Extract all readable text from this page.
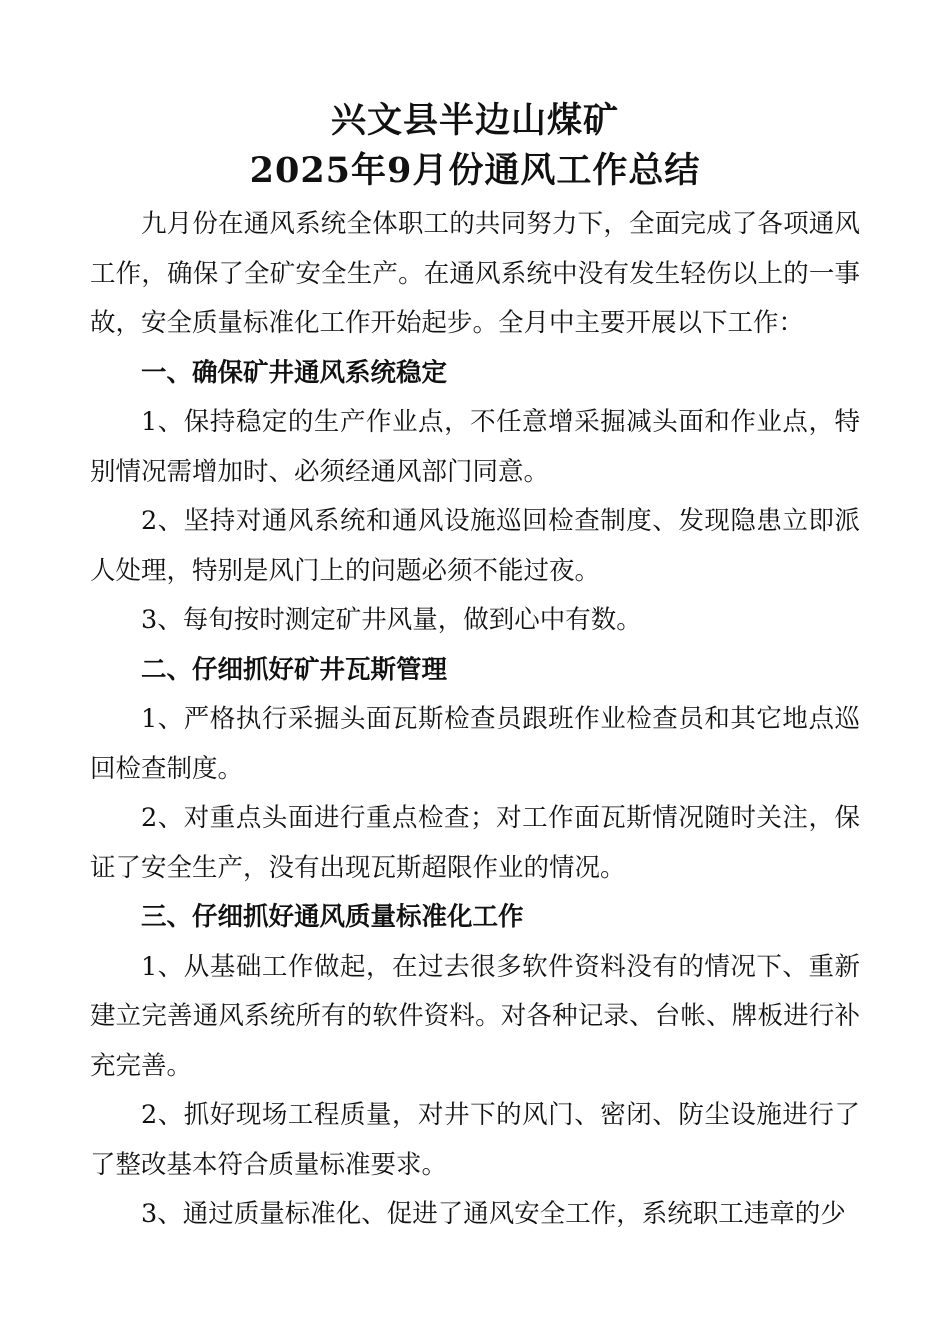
兴文县半边山煤矿
2025年9月份通风工作总结

九月份在通风系统全体职工的共同努力下，全面完成了各项通风工作，确保了全矿安全生产。在通风系统中没有发生轻伤以上的一事故，安全质量标准化工作开始起步。全月中主要开展以下工作：

一、确保矿井通风系统稳定

1、保持稳定的生产作业点，不任意增采掘减头面和作业点，特别情况需增加时、必须经通风部门同意。

2、坚持对通风系统和通风设施巡回检查制度、发现隐患立即派人处理，特别是风门上的问题必须不能过夜。

3、每旬按时测定矿井风量，做到心中有数。

二、仔细抓好矿井瓦斯管理

1、严格执行采掘头面瓦斯检查员跟班作业检查员和其它地点巡回检查制度。

2、对重点头面进行重点检查；对工作面瓦斯情况随时关注，保证了安全生产，没有出现瓦斯超限作业的情况。

三、仔细抓好通风质量标准化工作

1、从基础工作做起，在过去很多软件资料没有的情况下、重新建立完善通风系统所有的软件资料。对各种记录、台帐、牌板进行补充完善。

2、抓好现场工程质量，对井下的风门、密闭、防尘设施进行了了整改基本符合质量标准要求。

3、通过质量标准化、促进了通风安全工作，系统职工违章的少
